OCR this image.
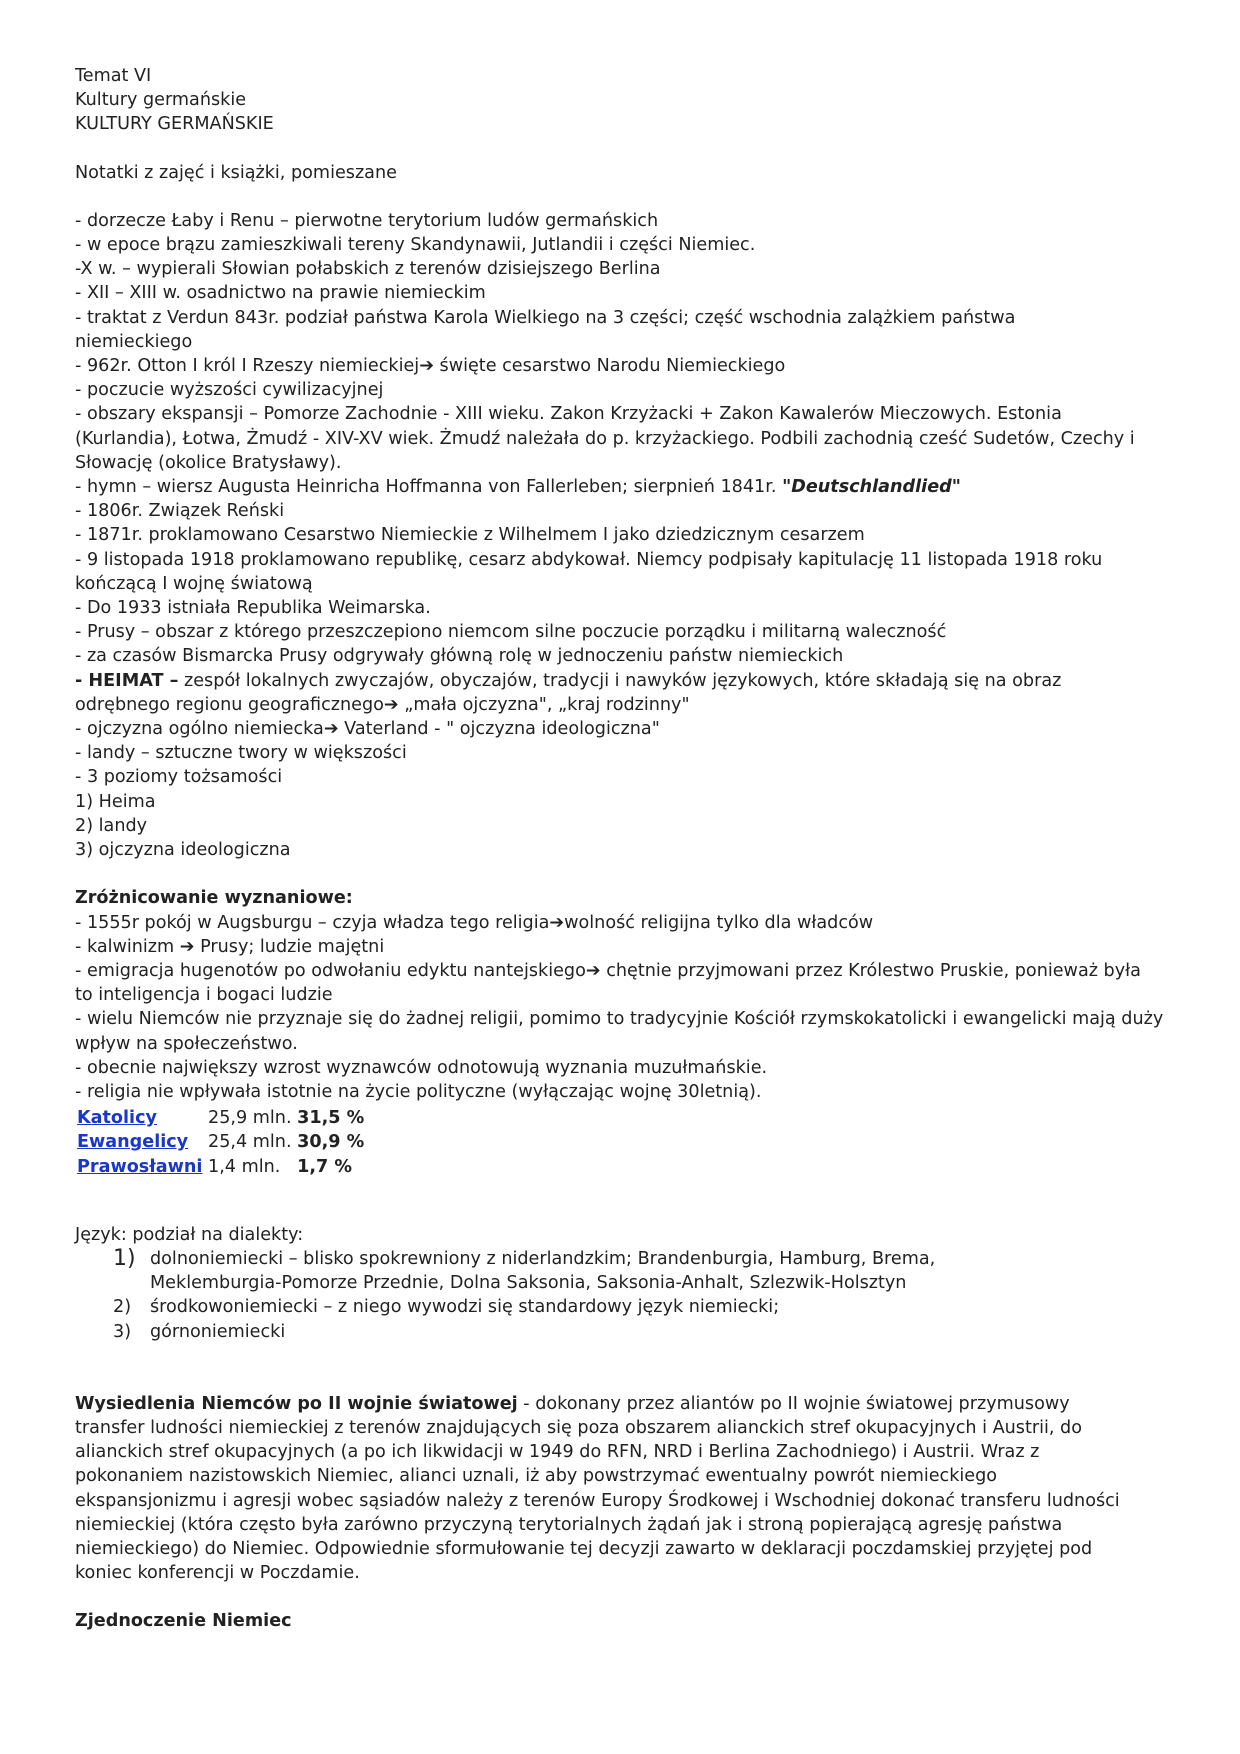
Temat VI
Kultury germańskie
KULTURY GERMAŃSKIE
Notatki z zajęć i książki, pomieszane
- dorzecze Łaby i Renu – pierwotne terytorium ludów germańskich
- w epoce brązu zamieszkiwali tereny Skandynawii, Jutlandii i części Niemiec.
-X w. – wypierali Słowian połabskich z terenów dzisiejszego Berlina
- XII – XIII w. osadnictwo na prawie niemieckim
- traktat z Verdun 843r. podział państwa Karola Wielkiego na 3 części; część wschodnia zalążkiem państwa niemieckiego
- 962r. Otton I król I Rzeszy niemieckiej➔ święte cesarstwo Narodu Niemieckiego
- poczucie wyższości cywilizacyjnej
- obszary ekspansji – Pomorze Zachodnie - XIII wieku. Zakon Krzyżacki + Zakon Kawalerów Mieczowych. Estonia (Kurlandia), Łotwa, Żmudź - XIV-XV wiek. Żmudź należała do p. krzyżackiego. Podbili zachodnią cześć Sudetów, Czechy i Słowację (okolice Bratysławy).
- hymn – wiersz Augusta Heinricha Hoffmanna von Fallerleben; sierpnień 1841r. "Deutschlandlied"
- 1806r. Związek Reński
- 1871r. proklamowano Cesarstwo Niemieckie z Wilhelmem I jako dziedzicznym cesarzem
- 9 listopada 1918 proklamowano republikę, cesarz abdykował. Niemcy podpisały kapitulację 11 listopada 1918 roku kończącą I wojnę światową
- Do 1933 istniała Republika Weimarska.
- Prusy – obszar z którego przeszczepiono niemcom silne poczucie porządku i militarną waleczność
- za czasów Bismarcka Prusy odgrywały główną rolę w jednoczeniu państw niemieckich
- HEIMAT – zespół lokalnych zwyczajów, obyczajów, tradycji i nawyków językowych, które składają się na obraz odrębnego regionu geograficznego➔ „mała ojczyzna", „kraj rodzinny"
- ojczyzna ogólno niemiecka➔ Vaterland - " ojczyzna ideologiczna"
- landy – sztuczne twory w większości
- 3 poziomy tożsamości
1) Heima
2) landy
3) ojczyzna ideologiczna
Zróżnicowanie wyznaniowe:
- 1555r pokój w Augsburgu – czyja władza tego religia➔wolność religijna tylko dla władców
- kalwinizm ➔ Prusy; ludzie majętni
- emigracja hugenotów po odwołaniu edyktu nantejskiego➔ chętnie przyjmowani przez Królestwo Pruskie, ponieważ była to inteligencja i bogaci ludzie
- wielu Niemców nie przyznaje się do żadnej religii, pomimo to tradycyjnie Kościół rzymskokatolicki i ewangelicki mają duży wpływ na społeczeństwo.
- obecnie największy wzrost wyznawców odnotowują wyznania muzułmańskie.
- religia nie wpływała istotnie na życie polityczne (wyłączając wojnę 30letnią).
Katolicy	25,9 mln. 31,5 %
Ewangelicy	25,4 mln. 30,9 %
Prawosławni 1,4 mln.   1,7 %
Język: podział na dialekty:
1) dolnoniemiecki – blisko spokrewniony z niderlandzkim; Brandenburgia, Hamburg, Brema, Meklemburgia-Pomorze Przednie, Dolna Saksonia, Saksonia-Anhalt, Szlezwik-Holsztyn
2)	środkowoniemiecki – z niego wywodzi się standardowy język niemiecki;
3)	górnoniemiecki
Wysiedlenia Niemców po II wojnie światowej - dokonany przez aliantów po II wojnie światowej przymusowy transfer ludności niemieckiej z terenów znajdujących się poza obszarem alianckich stref okupacyjnych i Austrii, do alianckich stref okupacyjnych (a po ich likwidacji w 1949 do RFN, NRD i Berlina Zachodniego) i Austrii. Wraz z pokonaniem nazistowskich Niemiec, alianci uznali, iż aby powstrzymać ewentualny powrót niemieckiego ekspansjonizmu i agresji wobec sąsiadów należy z terenów Europy Środkowej i Wschodniej dokonać transferu ludności niemieckiej (która często była zarówno przyczyną terytorialnych żądań jak i stroną popierającą agresję państwa niemieckiego) do Niemiec. Odpowiednie sformułowanie tej decyzji zawarto w deklaracji poczdamskiej przyjętej pod koniec konferencji w Poczdamie.
Zjednoczenie Niemiec
